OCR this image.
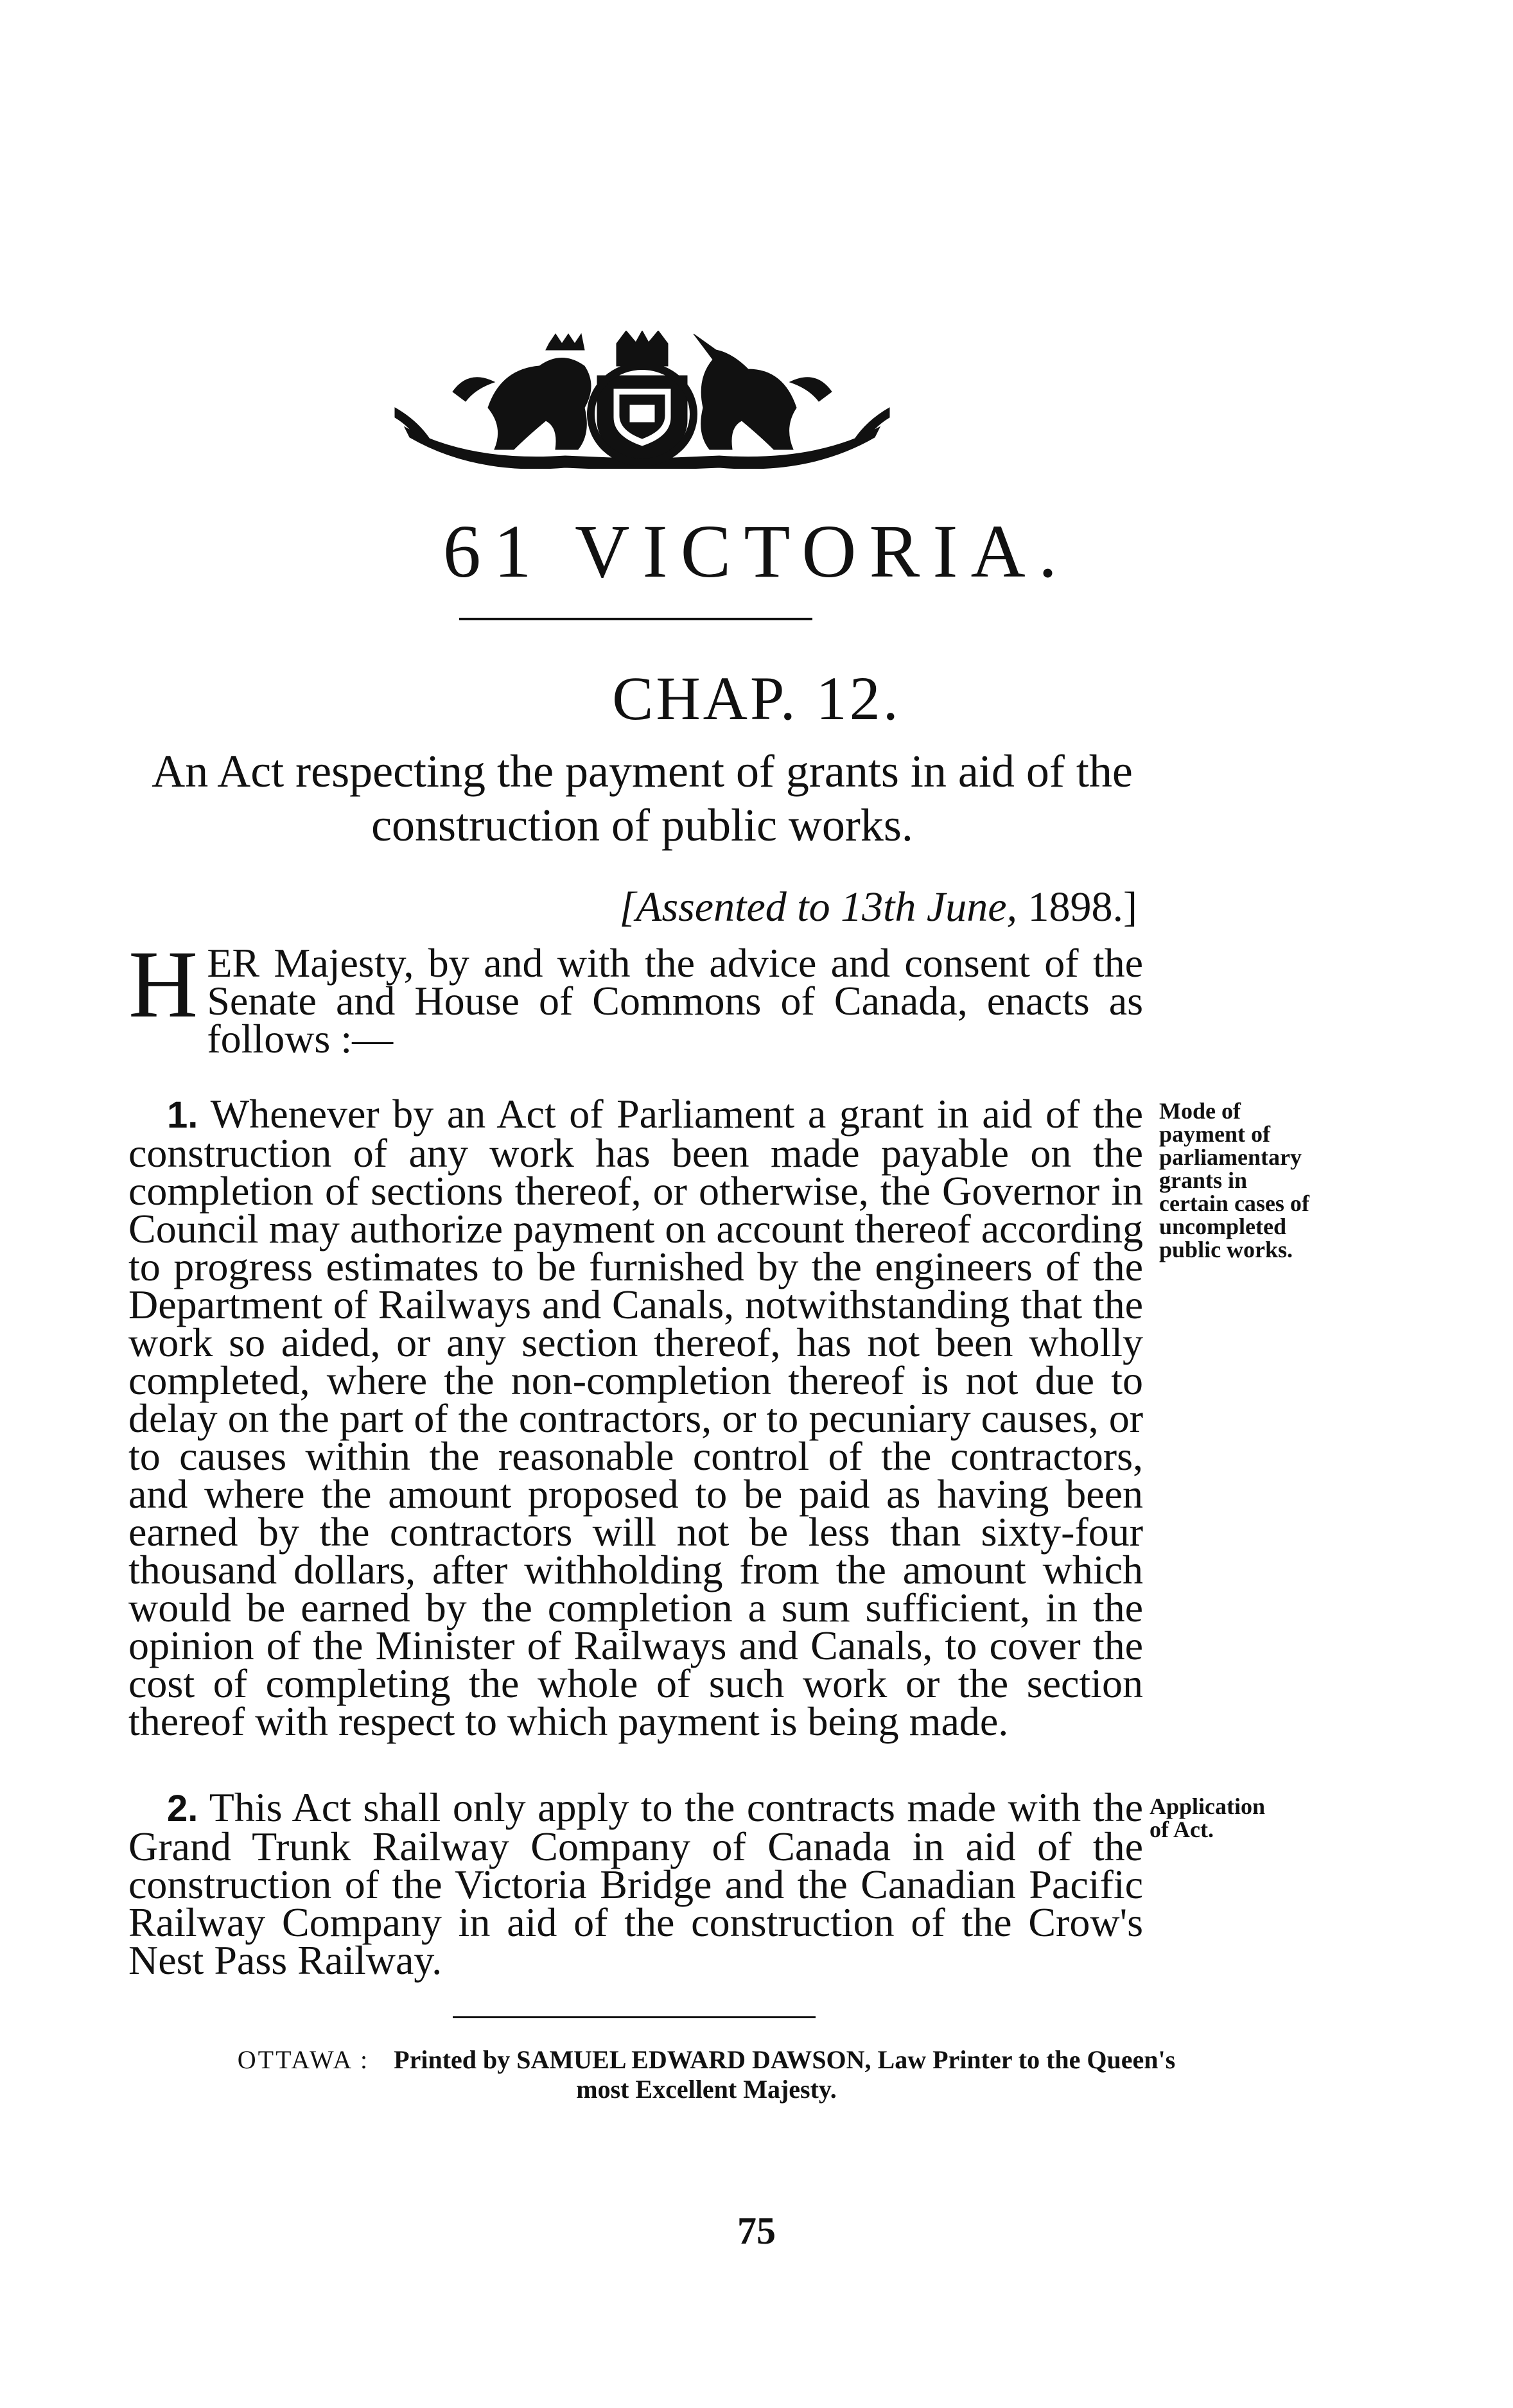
61 VICTORIA.
CHAP. 12.
An Act respecting the payment of grants in aid of the construction of public works.
[Assented to 13th June, 1898.]
H ER Majesty, by and with the advice and consent of the Senate and House of Commons of Canada, enacts as follows :—
1. Whenever by an Act of Parliament a grant in aid of the construction of any work has been made payable on the completion of sections thereof, or otherwise, the Governor in Council may authorize payment on account thereof according to progress estimates to be furnished by the engineers of the Department of Railways and Canals, notwithstanding that the work so aided, or any section thereof, has not been wholly completed, where the non-completion thereof is not due to delay on the part of the contractors, or to pecuniary causes, or to causes within the reasonable control of the contractors, and where the amount proposed to be paid as having been earned by the contractors will not be less than sixty-four thousand dollars, after withholding from the amount which would be earned by the completion a sum sufficient, in the opinion of the Minister of Railways and Canals, to cover the cost of completing the whole of such work or the section thereof with respect to which payment is being made.
Mode of
payment of
parliamentary
grants in
certain cases of
uncompleted
public works.
2. This Act shall only apply to the contracts made with the Grand Trunk Railway Company of Canada in aid of the construction of the Victoria Bridge and the Canadian Pacific Railway Company in aid of the construction of the Crow's Nest Pass Railway.
Application
of Act.
OTTAWA : Printed by SAMUEL EDWARD DAWSON, Law Printer to the Queen's
most Excellent Majesty.
75
